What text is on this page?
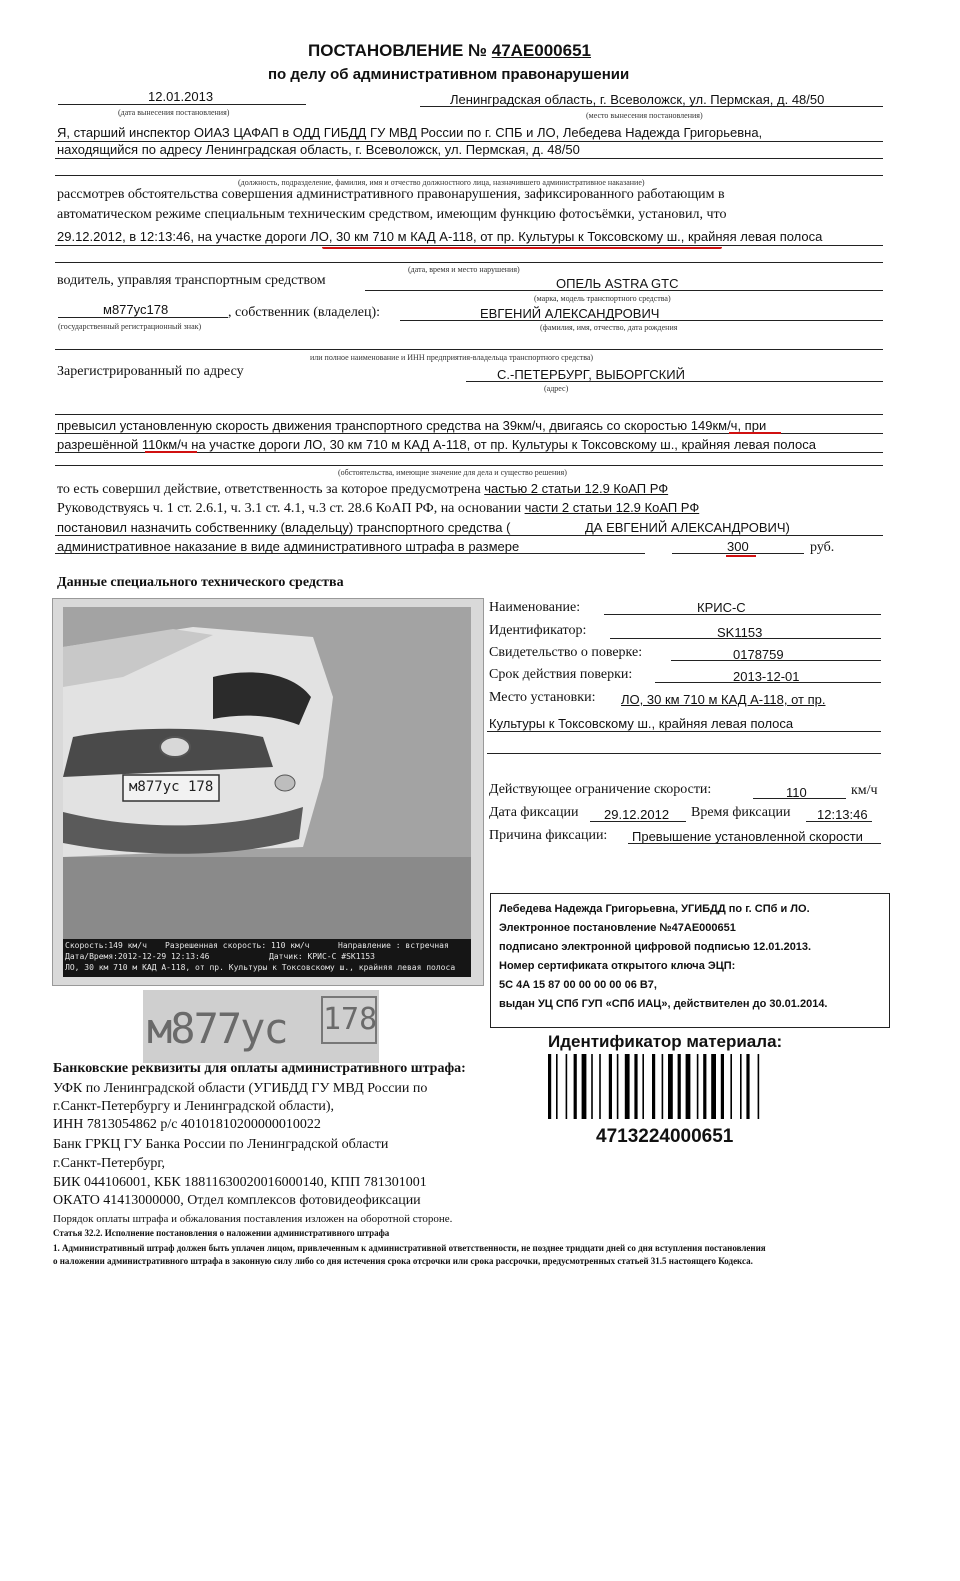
ПОСТАНОВЛЕНИЕ № 47AE000651
по делу об административном правонарушении
12.01.2013
(дата вынесения постановления)
Ленинградская область, г. Всеволожск, ул. Пермская, д. 48/50
(место вынесения постановления)
Я, старший инспектор ОИАЗ ЦАФАП в ОДД ГИБДД ГУ МВД России по г. СПБ и ЛО, Лебедева Надежда Григорьевна,
находящийся по адресу Ленинградская область, г. Всеволожск, ул. Пермская, д. 48/50
(должность, подразделение, фамилия, имя и отчество должностного лица, назначившего административное наказание)
рассмотрев обстоятельства совершения административного правонарушения, зафиксированного работающим в
автоматическом режиме специальным техническим средством, имеющим функцию фотосъёмки, установил, что
29.12.2012, в 12:13:46, на участке дороги ЛО, 30 км 710 м КАД А-118, от пр. Культуры к Токсовскому ш., крайняя левая полоса
(дата, время и место нарушения)
водитель, управляя транспортным средством	ОПЕЛЬ ASTRA GTC
(марка, модель транспортного средства)
м877ус178
(государственный регистрационный знак)
, собственник (владелец):	ЕВГЕНИЙ АЛЕКСАНДРОВИЧ
(фамилия, имя, отчество, дата рождения
или полное наименование и ИНН предприятия-владельца транспортного средства)
Зарегистрированный по адресу	С.-ПЕТЕРБУРГ, ВЫБОРГСКИЙ
(адрес)
превысил установленную скорость движения транспортного средства на 39км/ч, двигаясь со скоростью 149км/ч, при
разрешённой 110км/ч на участке дороги ЛО, 30 км 710 м КАД А-118, от пр. Культуры к Токсовскому ш., крайняя левая полоса
(обстоятельства, имеющие значение для дела и существо решения)
то есть совершил действие, ответственность за которое предусмотрена частью 2 статьи 12.9 КоАП РФ
Руководствуясь ч. 1 ст. 2.6.1, ч. 3.1 ст. 4.1, ч.3 ст. 28.6 КоАП РФ, на основании части 2 статьи 12.9 КоАП РФ
постановил назначить собственнику (владельцу) транспортного средства (	ДА ЕВГЕНИЙ АЛЕКСАНДРОВИЧ)
административное наказание в виде административного штрафа в размере	300	руб.
Данные специального технического средства
м877ус 178
Скорость:149 км/ч Разрешенная скорость: 110 км/ч	Направление : встречная
Дата/Время:2012-12-29 12:13:46	Датчик: КРИС-С #SK1153
ЛО, 30 км 710 м КАД А-118, от пр. Культуры к Токсовскому ш., крайняя левая полоса
м877ус 178
Наименование:	КРИС-С
Идентификатор:	SK1153
Свидетельство о поверке:	0178759
Срок действия поверки:	2013-12-01
Место установки: ЛО, 30 км 710 м КАД А-118, от пр.
Культуры к Токсовскому ш., крайняя левая полоса
Действующее ограничение скорости:	110	км/ч
Дата фиксации 29.12.2012 Время фиксации 12:13:46
Причина фиксации: Превышение установленной скорости
Лебедева Надежда Григорьевна, УГИБДД по г. СПб и ЛО.
Электронное постановление №47АЕ000651
подписано электронной цифровой подписью 12.01.2013.
Номер сертификата открытого ключа ЭЦП:
5C 4A 15 87 00 00 00 00 06 B7,
выдан УЦ СПб ГУП «СПб ИАЦ», действителен до 30.01.2014.
Идентификатор материала:
4713224000651
Банковские реквизиты для оплаты административного штрафа:
УФК по Ленинградской области (УГИБДД ГУ МВД России по
г.Санкт-Петербургу и Ленинградской области),
ИНН 7813054862 р/с 40101810200000010022
Банк ГРКЦ ГУ Банка России по Ленинградской области
г.Санкт-Петербург,
БИК 044106001, КБК 18811630020016000140, КПП 781301001
ОКАТО 41413000000, Отдел комплексов фотовидеофиксации
Порядок оплаты штрафа и обжалования поставления изложен на оборотной стороне.
Статья 32.2. Исполнение постановления о наложении административного штрафа
1. Административный штраф должен быть уплачен лицом, привлеченным к административной ответственности, не позднее тридцати дней со дня вступления постановления
о наложении административного штрафа в законную силу либо со дня истечения срока отсрочки или срока рассрочки, предусмотренных статьей 31.5 настоящего Кодекса.
